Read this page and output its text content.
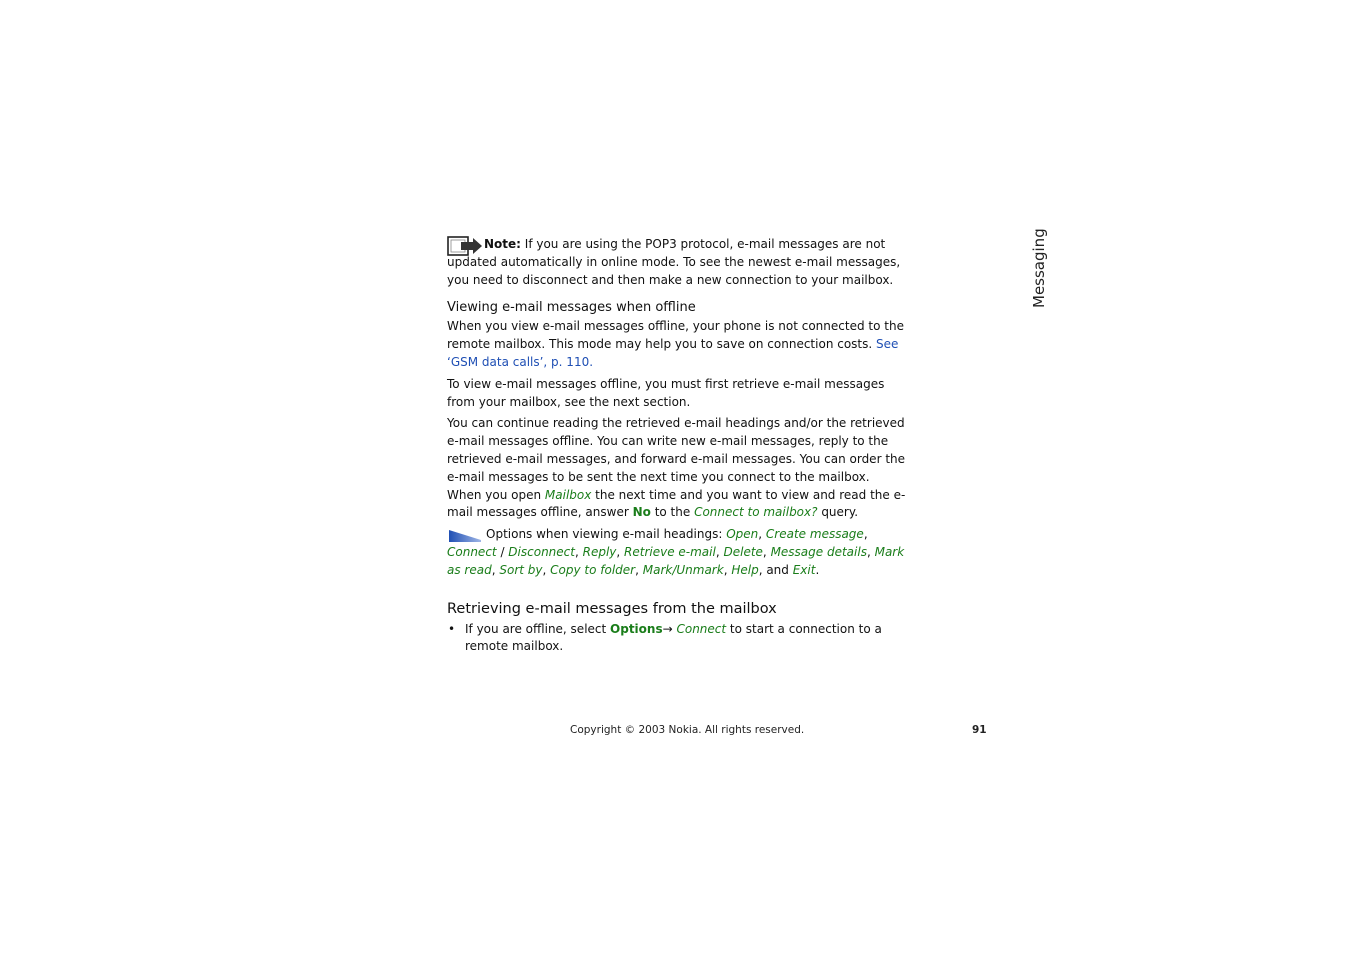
Messaging

Note: If you are using the POP3 protocol, e-mail messages are not updated automatically in online mode. To see the newest e-mail messages, you need to disconnect and then make a new connection to your mailbox.

Viewing e-mail messages when offline

When you view e-mail messages offline, your phone is not connected to the remote mailbox. This mode may help you to save on connection costs. See ‘GSM data calls’, p. 110.

To view e-mail messages offline, you must first retrieve e-mail messages from your mailbox, see the next section.

You can continue reading the retrieved e-mail headings and/or the retrieved e-mail messages offline. You can write new e-mail messages, reply to the retrieved e-mail messages, and forward e-mail messages. You can order the e-mail messages to be sent the next time you connect to the mailbox. When you open Mailbox the next time and you want to view and read the e-mail messages offline, answer No to the Connect to mailbox? query.

Options when viewing e-mail headings: Open, Create message, Connect / Disconnect, Reply, Retrieve e-mail, Delete, Message details, Mark as read, Sort by, Copy to folder, Mark/Unmark, Help, and Exit.

Retrieving e-mail messages from the mailbox
• If you are offline, select Options→ Connect to start a connection to a remote mailbox.
Copyright © 2003 Nokia. All rights reserved.	91
